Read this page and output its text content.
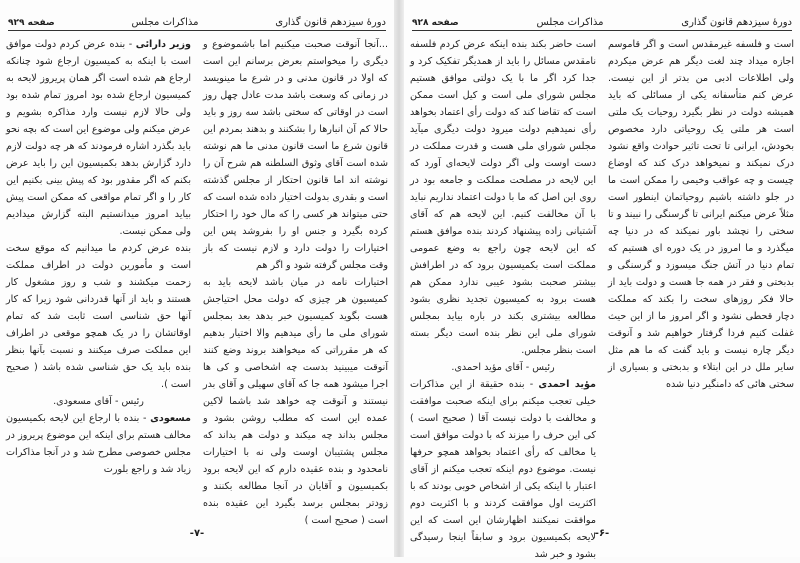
دورهٔ سیزدهم قانون گذاری
مذاکرات مجلس
صفحه ۹۲۹

...آنجا آنوقت صحبت میکنیم اما باشموضوع و دیگری را میخواستم بعرض برسانم این است که اولا در قانون مدنی و در شرع ما مینویسد در زمانی که وسعت باشد مدت عادل چهل روز است در اوقاتی که سختی باشد سه روز و باید حالا کم آن انبارها را بشکنند و بدهند بمردم این قانون شرع ما است قانون مدنی ما هم نوشته شده است آقای وثوق السلطنه هم شرح آن را نوشته اند اما قانون احتکار از مجلس گذشته است و بقدری بدولت اختیار داده شده است که حتی میتواند هر کسی را که مال خود را احتکار کرده بگیرد و جنس او را بفروشد پس این اختیارات را دولت دارد و لازم نیست که باز وقت مجلس گرفته شود و اگر هم

اختیارات نامه در میان باشد لایحه باید به کمیسیون هر چیزی که دولت محل احتیاجش هست بگوید کمیسیون خبر بدهد بعد بمجلس شورای ملی ما رأی میدهیم والا اختیار بدهیم که هر مقرراتی که میخواهند بروند وضع کنند آنوقت میبینید بدست چه اشخاصی و کی ها اجرا میشود همه جا که آقای سهیلی و آقای بدر نیستند و آنوقت چه خواهد شد باشما لاکین عمده این است که مطلب روشن بشود و مجلس بداند چه میکند و دولت هم بداند که مجلس پشتیبان اوست ولی نه با اختیارات نامحدود و بنده عقیده دارم که این لایحه برود بکمیسیون و آقایان در آنجا مطالعه بکنند و زودتر بمجلس برسد بگیرد این عقیده بنده است ( صحیح است )

وزیر دارائی - بنده عرض کردم دولت موافق است با اینکه به کمیسیون ارجاع شود چنانکه ارجاع هم شده است اگر همان پریروز لایحه به کمیسیون ارجاع شده بود امروز تمام شده بود ولی حالا لازم نیست وارد مذاکره بشویم و عرض میکنم ولی موضوع این است که بچه نحو باید بگذرد اشاره فرمودند که هر چه دولت لازم دارد گزارش بدهد بکمیسیون این را باید عرض بکنم که اگر مقدور بود که پیش بینی بکنیم این کار را و اگر تمام مواقعی که ممکن است پیش بیاید امروز میدانستیم البته گزارش میدادیم ولی ممکن نیست.

بنده عرض کردم ما میدانیم که موقع سخت است و مأمورین دولت در اطراف مملکت زحمت میکشند و شب و روز مشغول کار هستند و باید از آنها قدردانی شود زیرا که کار آنها حق شناسی است ثابت شد که تمام اوقاتشان را در یک همچو موقعی در اطراف این مملکت صرف میکنند و نسبت بآنها بنظر بنده باید یک حق شناسی شده باشد ( صحیح است ).

رئیس - آقای مسعودی.

مسعودی - بنده با ارجاع این لایحه بکمیسیون مخالف هستم برای اینکه این موضوع پریروز در مجلس خصوصی مطرح شد و در آنجا مذاکرات زیاد شد و راجع بلورت

-۷-
دورهٔ سیزدهم قانون گذاری
مذاکرات مجلس
صفحه ۹۲۸

است و فلسفه غیرمقدس است و اگر قاموسم اجازه میداد چند لغت دیگر هم عرض میکردم ولی اطلاعات ادبی من بدتر از این نیست. عرض کنم متأسفانه یکی از مسائلی که باید همیشه دولت در نظر بگیرد روحیات یک ملتی است هر ملتی یک روحیاتی دارد مخصوص بخودش، ایرانی تا تحت تاثیر حوادث واقع نشود درک نمیکند و نمیخواهد درک کند که اوضاع چیست و چه عواقب وخیمی را ممکن است ما در جلو داشته باشیم روحیاتمان اینطور است مثلاً عرض میکنم ایرانی تا گرسنگی را نبیند و تا سختی را نچشد باور نمیکند که در دنیا چه میگذرد و ما امروز در یک دوره ای هستیم که تمام دنیا در آتش جنگ میسوزد و گرسنگی و بدبختی و فقر در همه جا هست و دولت باید از حالا فکر روزهای سخت را بکند که مملکت دچار قحطی نشود و اگر امروز ما از این حیث غفلت کنیم فردا گرفتار خواهیم شد و آنوقت دیگر چاره نیست و باید گفت که ما هم مثل سایر ملل در این ابتلاء و بدبختی و بسیاری از سختی هائی که دامنگیر دنیا شده

است حاضر بکند بنده اینکه عرض کردم فلسفه نامقدس مسائل را باید از همدیگر تفکیک کرد و جدا کرد اگر ما با یک دولتی موافق هستیم مجلس شورای ملی است و کیل است ممکن است که تقاضا کند که دولت رأی اعتماد بخواهد رأی نمیدهیم دولت میرود دولت دیگری میآید مجلس شورای ملی هست و قدرت مملکت در دست اوست ولی اگر دولت لایحه‌ای آورد که این لایحه در مصلحت مملکت و جامعه بود در روی این اصل که ما با دولت اعتماد نداریم نباید با آن مخالفت کنیم. این لایحه هم که آقای آشتیانی زاده پیشنهاد کردند بنده موافق هستم که این لایحه چون راجع به وضع عمومی مملکت است بکمیسیون برود که در اطرافش بیشتر صحبت بشود عیبی ندارد ممکن هم هست برود به کمیسیون تجدید نظری بشود مطالعه بیشتری بکند در باره بیاید بمجلس شورای ملی این نظر بنده است دیگر بسته است بنظر مجلس.

رئیس - آقای مؤید احمدی.

مؤید احمدی - بنده حقیقة از این مذاکرات خیلی تعجب میکنم برای اینکه صحبت موافقت و مخالفت با دولت نیست آقا ( صحیح است ) کی این حرف را میزند که با دولت موافق است یا مخالف که رأی اعتماد بخواهد همچو حرفها نیست. موضوع دوم اینکه تعجب میکنم از آقای اعتبار با اینکه یکی از اشخاص خوبی بودند که با اکثریت اول موافقت کردند و با اکثریت دوم موافقت نمیکنند اظهارشان این است که این لایحه بکمیسیون برود و سابقاً اینجا رسیدگی بشود و خبر شد

-۶-
